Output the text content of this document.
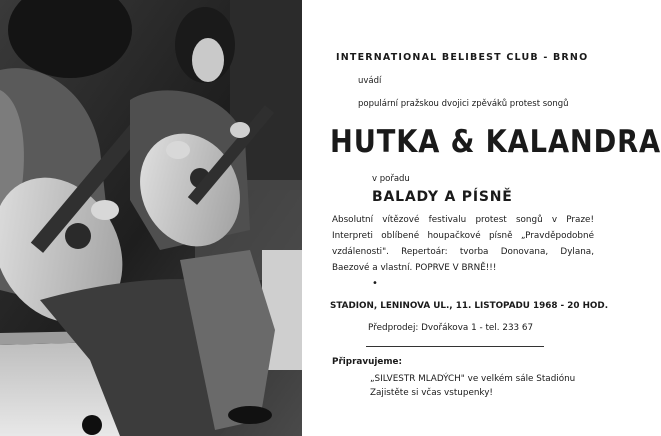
INTERNATIONAL BELIBEST CLUB - BRNO
uvádí
populární pražskou dvojici zpěváků protest songů
HUTKA & KALANDRA
v pořadu
BALADY A PÍSNĚ
Absolutní vítězové festivalu protest songů v Praze! Interpreti oblíbené houpačkové písně „Pravděpodobné vzdálenosti". Repertoár: tvorba Donovana, Dylana, Baezové a vlastní. POPRVE V BRNĚ!!!
•
STADION, LENINOVA UL., 11. LISTOPADU 1968 - 20 HOD.
Předprodej: Dvořákova 1 - tel. 233 67
Připravujeme:
„SILVESTR MLADÝCH" ve velkém sále Stadiónu
Zajistěte si včas vstupenky!
